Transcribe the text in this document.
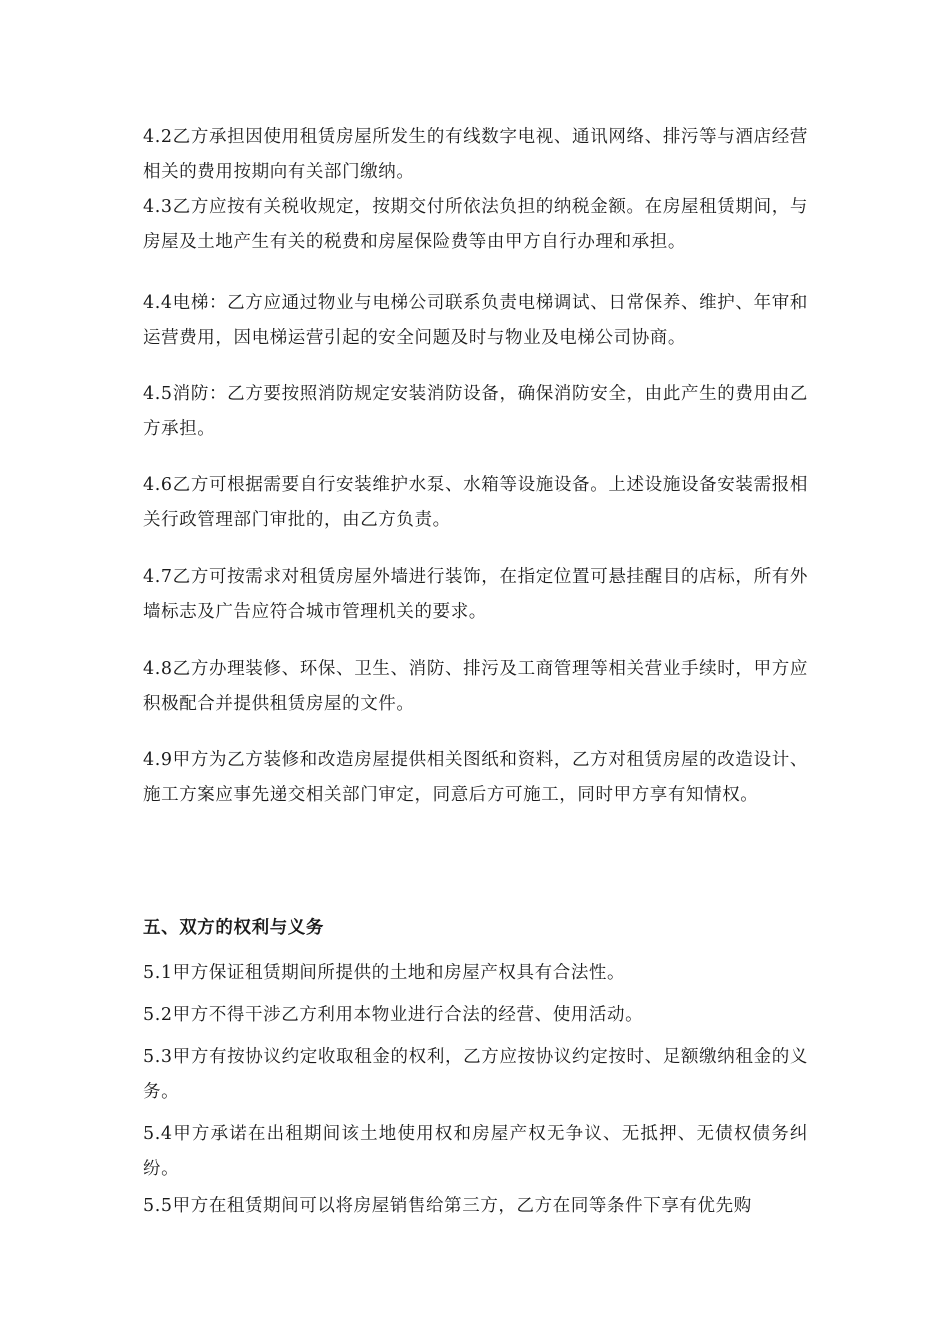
4.2乙方承担因使用租赁房屋所发生的有线数字电视、通讯网络、排污等与酒店经营相关的费用按期向有关部门缴纳。
4.3乙方应按有关税收规定，按期交付所依法负担的纳税金额。在房屋租赁期间，与房屋及土地产生有关的税费和房屋保险费等由甲方自行办理和承担。
4.4电梯：乙方应通过物业与电梯公司联系负责电梯调试、日常保养、维护、年审和运营费用，因电梯运营引起的安全问题及时与物业及电梯公司协商。
4.5消防：乙方要按照消防规定安装消防设备，确保消防安全，由此产生的费用由乙方承担。
4.6乙方可根据需要自行安装维护水泵、水箱等设施设备。上述设施设备安装需报相关行政管理部门审批的，由乙方负责。
4.7乙方可按需求对租赁房屋外墙进行装饰，在指定位置可悬挂醒目的店标，所有外墙标志及广告应符合城市管理机关的要求。
4.8乙方办理装修、环保、卫生、消防、排污及工商管理等相关营业手续时，甲方应积极配合并提供租赁房屋的文件。
4.9甲方为乙方装修和改造房屋提供相关图纸和资料，乙方对租赁房屋的改造设计、施工方案应事先递交相关部门审定，同意后方可施工，同时甲方享有知情权。
五、双方的权利与义务
5.1甲方保证租赁期间所提供的土地和房屋产权具有合法性。
5.2甲方不得干涉乙方利用本物业进行合法的经营、使用活动。
5.3甲方有按协议约定收取租金的权利，乙方应按协议约定按时、足额缴纳租金的义务。
5.4甲方承诺在出租期间该土地使用权和房屋产权无争议、无抵押、无债权债务纠纷。
5.5甲方在租赁期间可以将房屋销售给第三方，乙方在同等条件下享有优先购
